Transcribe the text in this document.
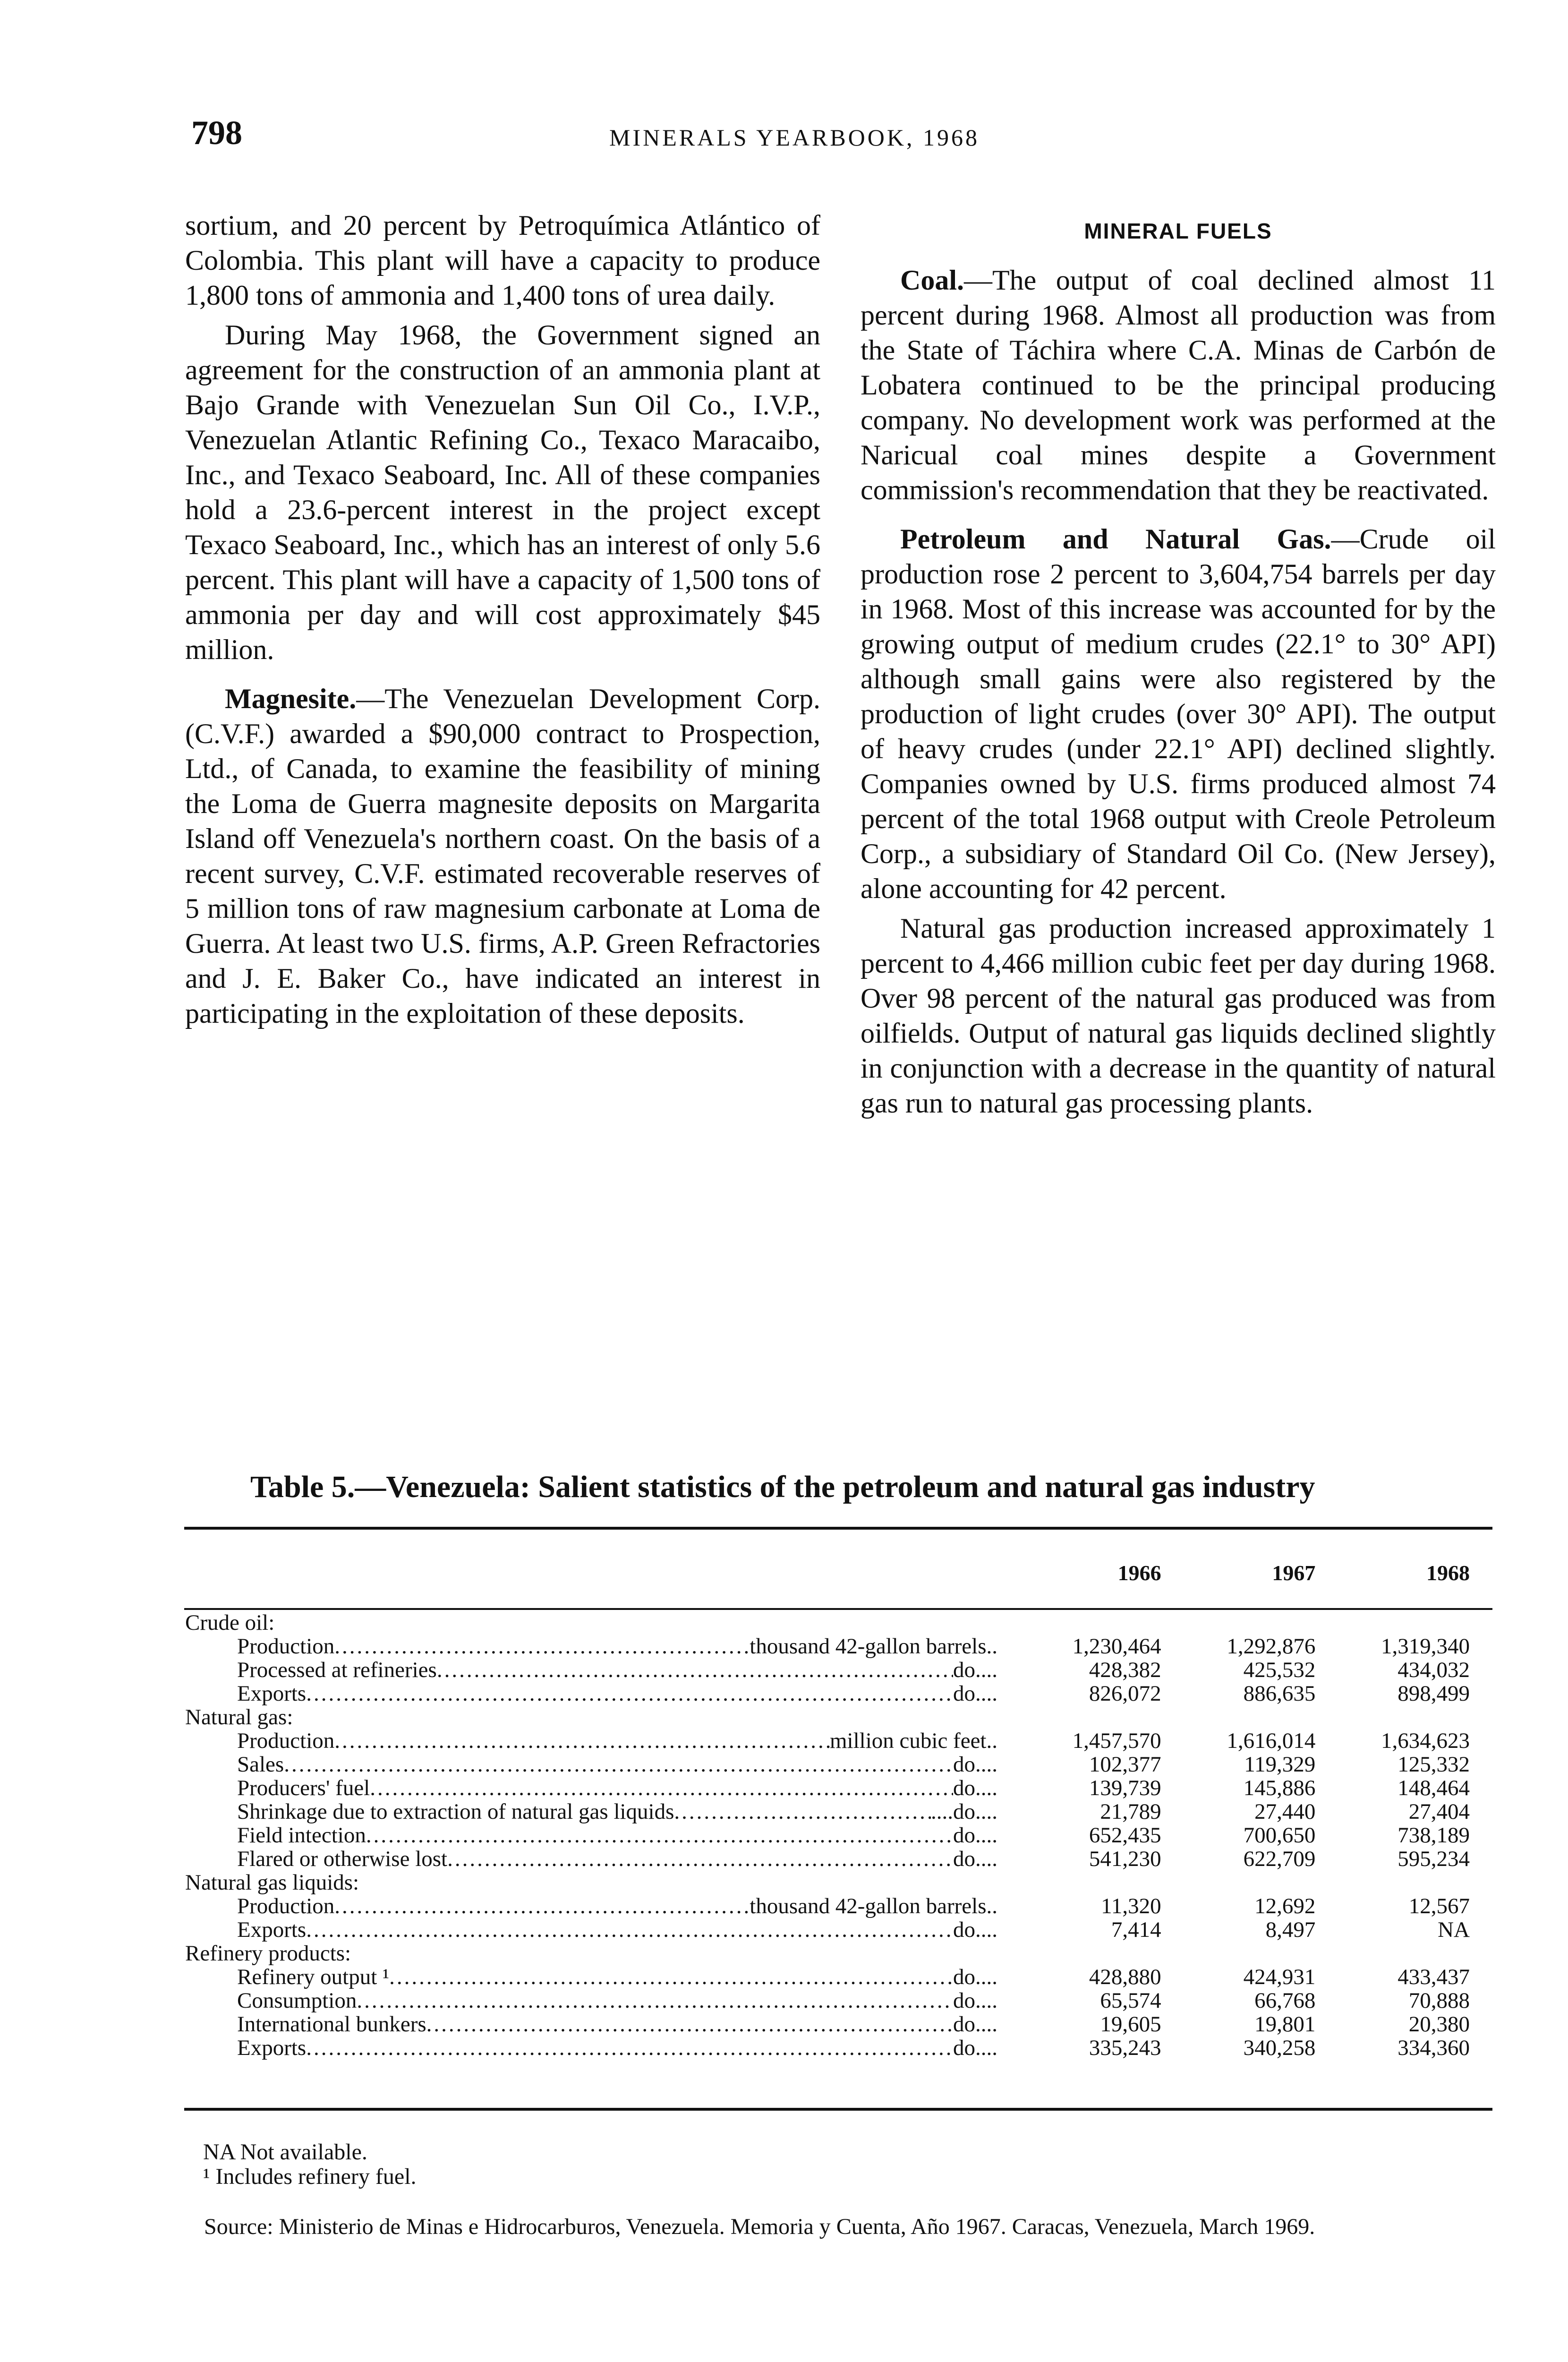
798	MINERALS YEARBOOK, 1968

sortium, and 20 percent by Petroquímica Atlántico of Colombia. This plant will have a capacity to produce 1,800 tons of ammonia and 1,400 tons of urea daily.

During May 1968, the Government signed an agreement for the construction of an ammonia plant at Bajo Grande with Venezuelan Sun Oil Co., I.V.P., Venezuelan Atlantic Refining Co., Texaco Maracaibo, Inc., and Texaco Seaboard, Inc. All of these companies hold a 23.6-percent interest in the project except Texaco Seaboard, Inc., which has an interest of only 5.6 percent. This plant will have a capacity of 1,500 tons of ammonia per day and will cost approximately $45 million.

Magnesite.—The Venezuelan Development Corp. (C.V.F.) awarded a $90,000 contract to Prospection, Ltd., of Canada, to examine the feasibility of mining the Loma de Guerra magnesite deposits on Margarita Island off Venezuela's northern coast. On the basis of a recent survey, C.V.F. estimated recoverable reserves of 5 million tons of raw magnesium carbonate at Loma de Guerra. At least two U.S. firms, A.P. Green Refractories and J. E. Baker Co., have indicated an interest in participating in the exploitation of these deposits.

MINERAL FUELS

Coal.—The output of coal declined almost 11 percent during 1968. Almost all production was from the State of Táchira where C.A. Minas de Carbón de Lobatera continued to be the principal producing company. No development work was performed at the Naricual coal mines despite a Government commission's recommendation that they be reactivated.

Petroleum and Natural Gas.—Crude oil production rose 2 percent to 3,604,754 barrels per day in 1968. Most of this increase was accounted for by the growing output of medium crudes (22.1° to 30° API) although small gains were also registered by the production of light crudes (over 30° API). The output of heavy crudes (under 22.1° API) declined slightly. Companies owned by U.S. firms produced almost 74 percent of the total 1968 output with Creole Petroleum Corp., a subsidiary of Standard Oil Co. (New Jersey), alone accounting for 42 percent.

Natural gas production increased approximately 1 percent to 4,466 million cubic feet per day during 1968. Over 98 percent of the natural gas produced was from oilfields. Output of natural gas liquids declined slightly in conjunction with a decrease in the quantity of natural gas run to natural gas processing plants.

Table 5.—Venezuela: Salient statistics of the petroleum and natural gas industry
	1966	1967	1968
Crude oil:			

Production ..... thousand 42-gallon barrels..	1,230,464	1,292,876	1,319,340

Processed at refineries ..... do....	428,382	425,532	434,032

Exports ..... do....	826,072	886,635	898,499
Natural gas:			

Production ..... million cubic feet..	1,457,570	1,616,014	1,634,623

Sales ..... do....	102,377	119,329	125,332

Producers' fuel ..... do....	139,739	145,886	148,464

Shrinkage due to extraction of natural gas liquids ..... ....do....	21,789	27,440	27,404

Field intection ..... do....	652,435	700,650	738,189

Flared or otherwise lost ..... do....	541,230	622,709	595,234
Natural gas liquids:			

Production ..... thousand 42-gallon barrels..	11,320	12,692	12,567

Exports ..... do....	7,414	8,497	NA
Refinery products:			

Refinery output ¹ ..... do....	428,880	424,931	433,437

Consumption ..... do....	65,574	66,768	70,888

International bunkers ..... do....	19,605	19,801	20,380

Exports ..... do....	335,243	340,258	334,360
NA Not available.
¹ Includes refinery fuel.
Source: Ministerio de Minas e Hidrocarburos, Venezuela. Memoria y Cuenta, Año 1967. Caracas, Venezuela, March 1969.
